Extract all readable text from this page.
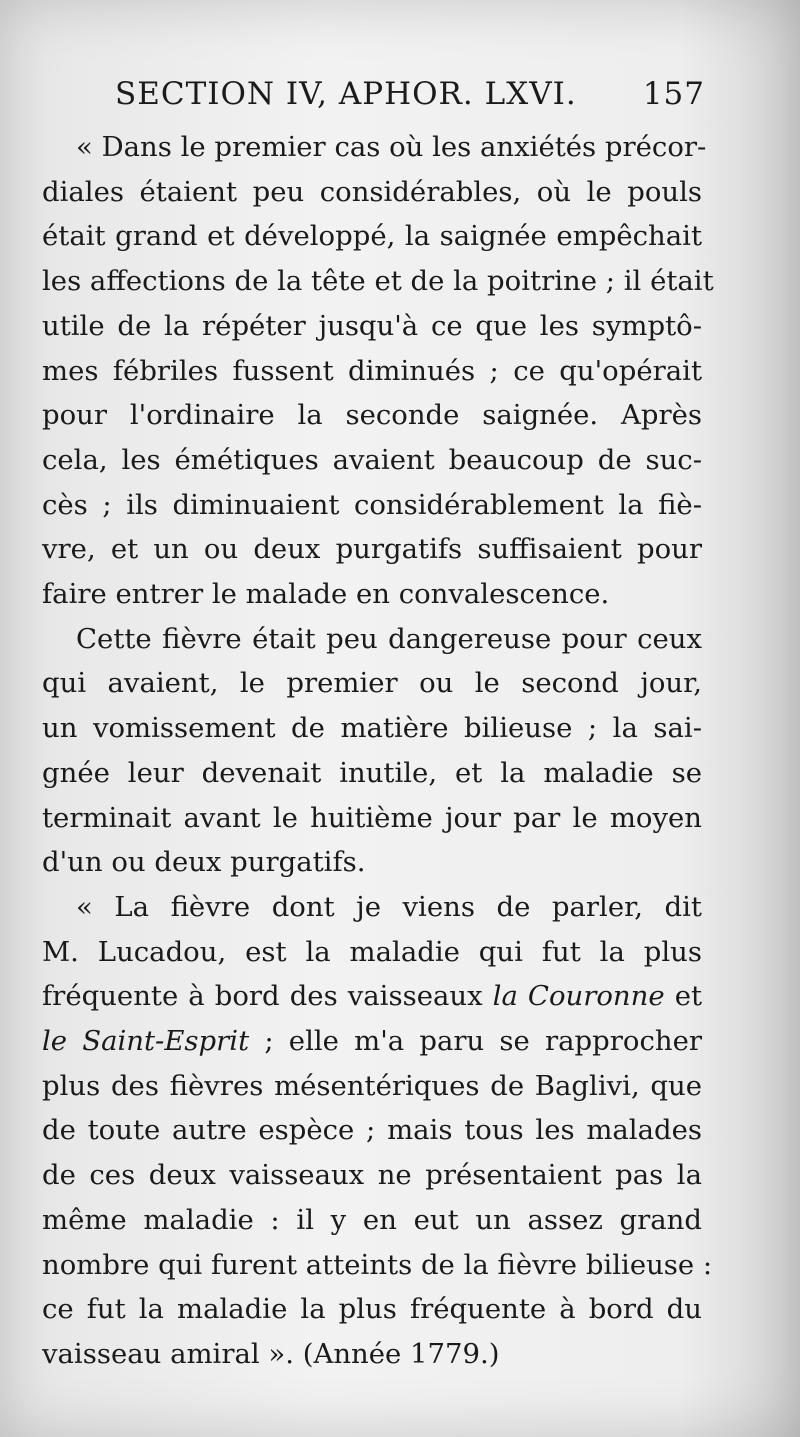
SECTION IV, APHOR. LXVI. 157
« Dans le premier cas où les anxiétés précor-
diales étaient peu considérables, où le pouls
était grand et développé, la saignée empêchait
les affections de la tête et de la poitrine ; il était
utile de la répéter jusqu'à ce que les symptô-
mes fébriles fussent diminués ; ce qu'opérait
pour l'ordinaire la seconde saignée. Après
cela, les émétiques avaient beaucoup de suc-
cès ; ils diminuaient considérablement la fiè-
vre, et un ou deux purgatifs suffisaient pour
faire entrer le malade en convalescence.
Cette fièvre était peu dangereuse pour ceux
qui avaient, le premier ou le second jour,
un vomissement de matière bilieuse ; la sai-
gnée leur devenait inutile, et la maladie se
terminait avant le huitième jour par le moyen
d'un ou deux purgatifs.
« La fièvre dont je viens de parler, dit
M. Lucadou, est la maladie qui fut la plus
fréquente à bord des vaisseaux la Couronne et
le Saint-Esprit ; elle m'a paru se rapprocher
plus des fièvres mésentériques de Baglivi, que
de toute autre espèce ; mais tous les malades
de ces deux vaisseaux ne présentaient pas la
même maladie : il y en eut un assez grand
nombre qui furent atteints de la fièvre bilieuse :
ce fut la maladie la plus fréquente à bord du
vaisseau amiral ». (Année 1779.)
